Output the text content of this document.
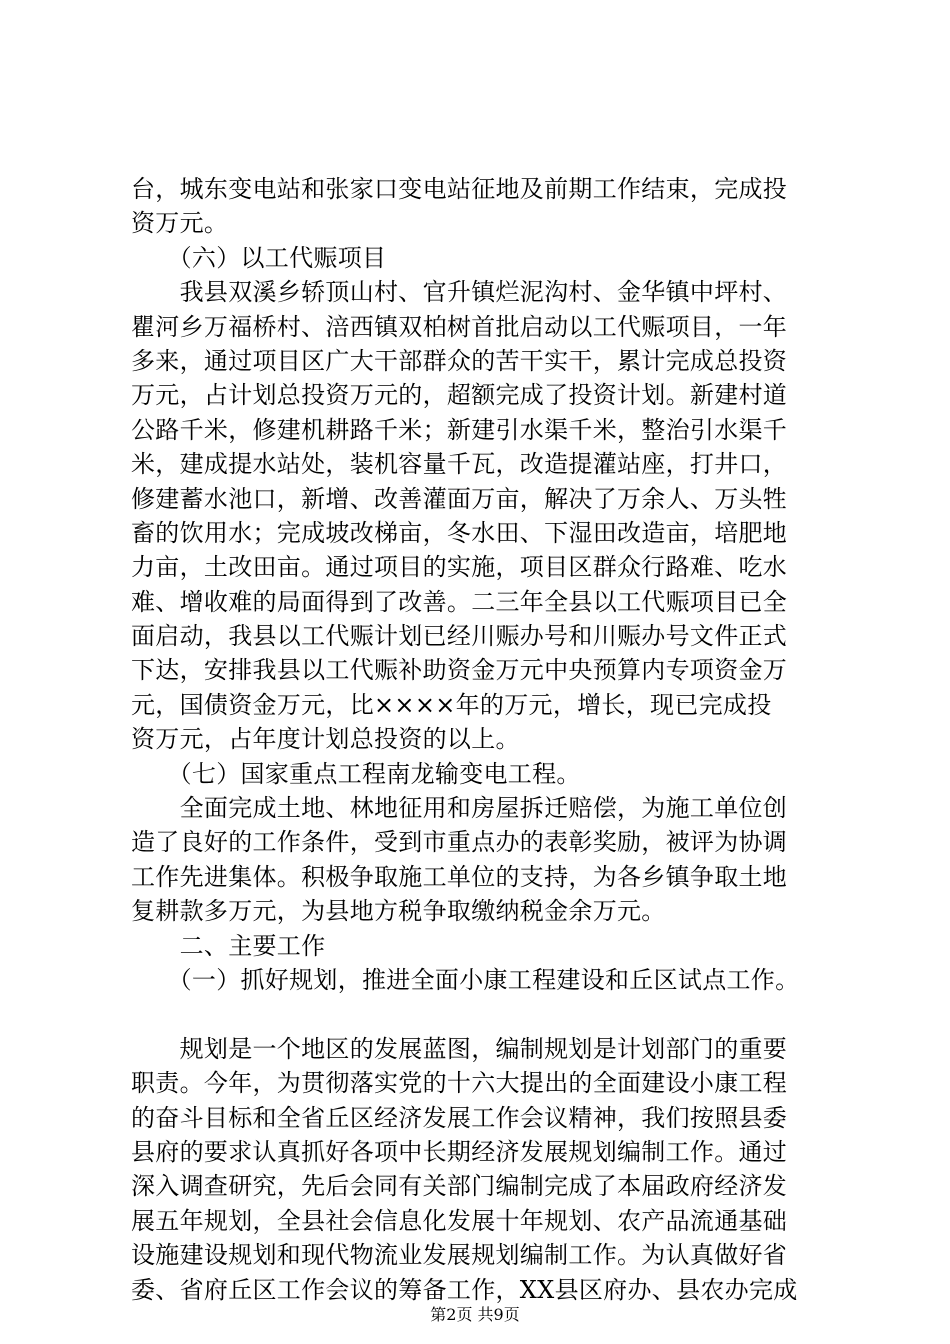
台，城东变电站和张家口变电站征地及前期工作结束，完成投
资万元。
　　（六）以工代赈项目
　　我县双溪乡轿顶山村、官升镇烂泥沟村、金华镇中坪村、
瞿河乡万福桥村、涪西镇双柏树首批启动以工代赈项目，一年
多来，通过项目区广大干部群众的苦干实干，累计完成总投资
万元，占计划总投资万元的，超额完成了投资计划。新建村道
公路千米，修建机耕路千米；新建引水渠千米，整治引水渠千
米，建成提水站处，装机容量千瓦，改造提灌站座，打井口，
修建蓄水池口，新增、改善灌面万亩，解决了万余人、万头牲
畜的饮用水；完成坡改梯亩，冬水田、下湿田改造亩，培肥地
力亩，土改田亩。通过项目的实施，项目区群众行路难、吃水
难、增收难的局面得到了改善。二三年全县以工代赈项目已全
面启动，我县以工代赈计划已经川赈办号和川赈办号文件正式
下达，安排我县以工代赈补助资金万元中央预算内专项资金万
元，国债资金万元，比××××年的万元，增长，现已完成投
资万元，占年度计划总投资的以上。
　　（七）国家重点工程南龙输变电工程。
　　全面完成土地、林地征用和房屋拆迁赔偿，为施工单位创
造了良好的工作条件，受到市重点办的表彰奖励，被评为协调
工作先进集体。积极争取施工单位的支持，为各乡镇争取土地
复耕款多万元，为县地方税争取缴纳税金余万元。
　　二、主要工作
　　（一）抓好规划，推进全面小康工程建设和丘区试点工作。
　　规划是一个地区的发展蓝图，编制规划是计划部门的重要
职责。今年，为贯彻落实党的十六大提出的全面建设小康工程
的奋斗目标和全省丘区经济发展工作会议精神，我们按照县委
县府的要求认真抓好各项中长期经济发展规划编制工作。通过
深入调查研究，先后会同有关部门编制完成了本届政府经济发
展五年规划，全县社会信息化发展十年规划、农产品流通基础
设施建设规划和现代物流业发展规划编制工作。为认真做好省
委、省府丘区工作会议的筹备工作，XX县区府办、县农办完成
第2页 共9页
